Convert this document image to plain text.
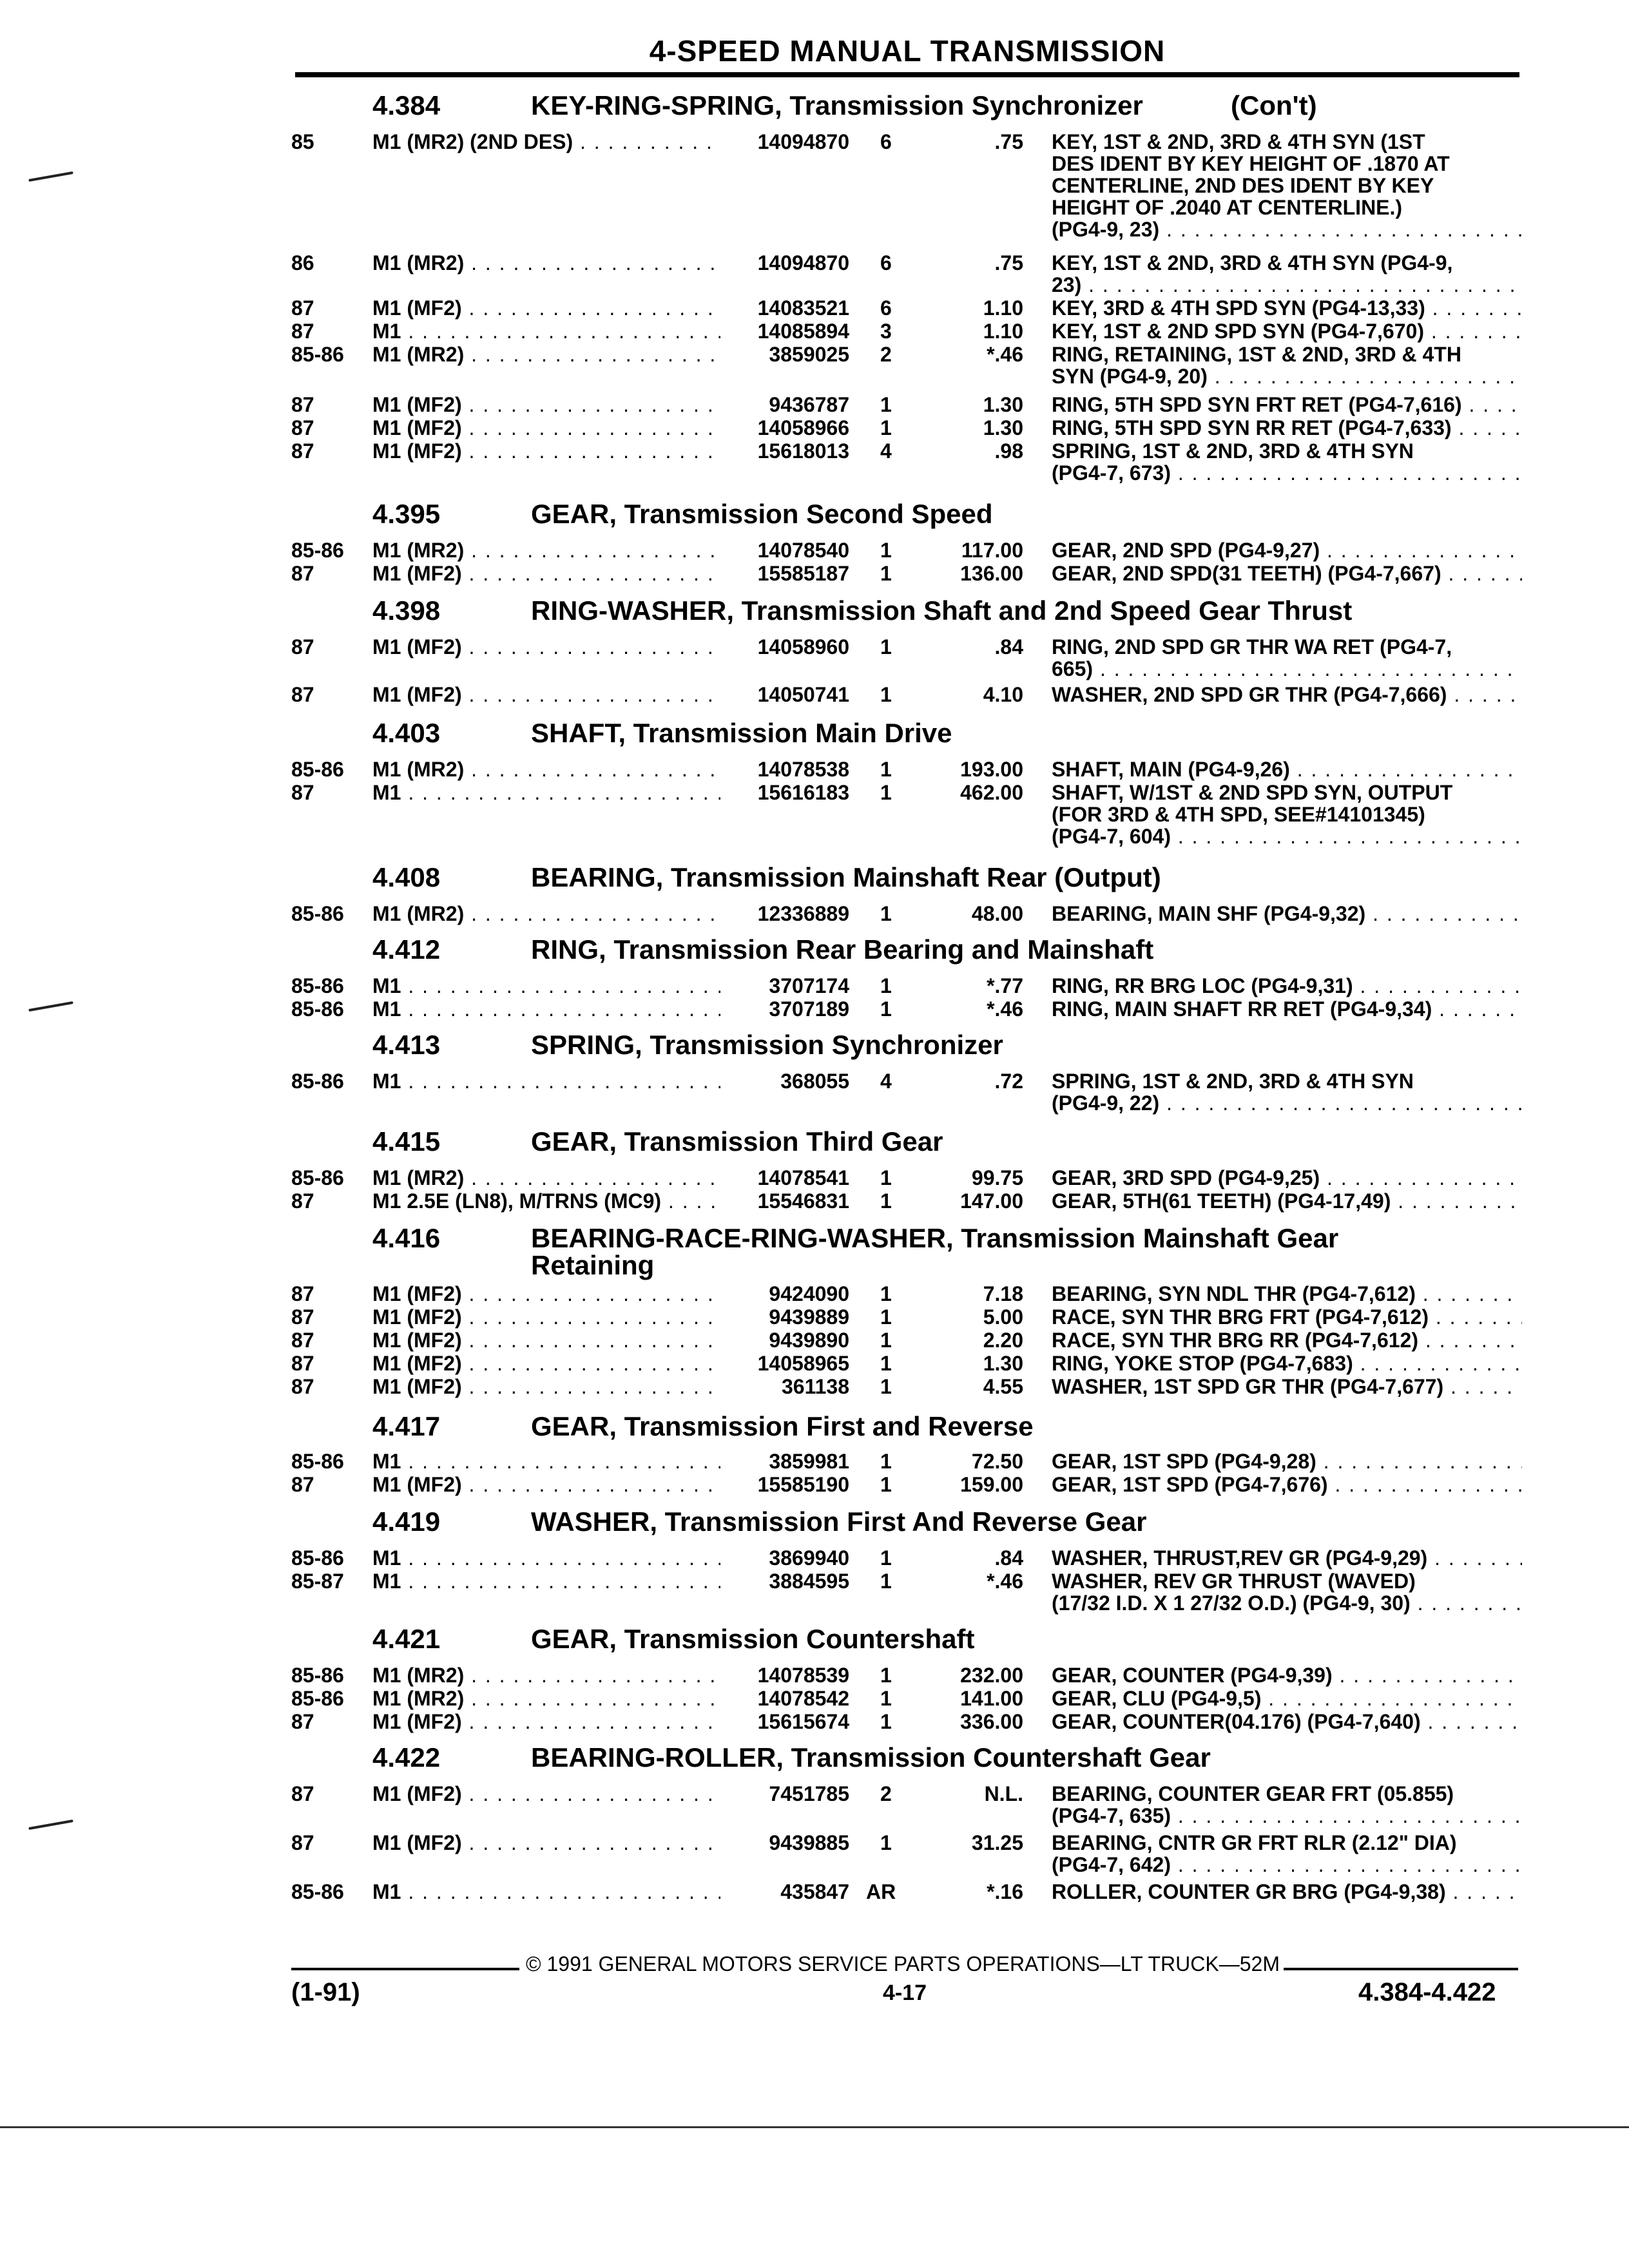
4-SPEED MANUAL TRANSMISSION
4.384	KEY-RING-SPRING, Transmission Synchronizer	(Con't)
4.395	GEAR, Transmission Second Speed
4.398	RING-WASHER, Transmission Shaft and 2nd Speed Gear Thrust
4.403	SHAFT, Transmission Main Drive
4.408	BEARING, Transmission Mainshaft Rear (Output)
4.412	RING, Transmission Rear Bearing and Mainshaft
4.413	SPRING, Transmission Synchronizer
4.415	GEAR, Transmission Third Gear
4.416	BEARING-RACE-RING-WASHER, Transmission Mainshaft Gear
Retaining
4.417	GEAR, Transmission First and Reverse
4.419	WASHER, Transmission First And Reverse Gear
4.421	GEAR, Transmission Countershaft
4.422	BEARING-ROLLER, Transmission Countershaft Gear
85	M1 (MR2) (2ND DES) . . .	14094870 6	.75 KEY, 1ST & 2ND, 3RD & 4TH SYN (1ST
DES IDENT BY KEY HEIGHT OF .1870 AT
CENTERLINE, 2ND DES IDENT BY KEY
HEIGHT OF .2040 AT CENTERLINE.)
(PG4-9, 23) . . .
86	M1 (MR2) . . .	14094870 6	.75 KEY, 1ST & 2ND, 3RD & 4TH SYN (PG4-9,
23) . . .
87	M1 (MF2) . . .	14083521 6	1.10 KEY, 3RD & 4TH SPD SYN (PG4-13,33) . . .
87	M1 . . .	14085894 3	1.10 KEY, 1ST & 2ND SPD SYN (PG4-7,670) . . .
85-86 M1 (MR2) . . .	3859025 2	*.46 RING, RETAINING, 1ST & 2ND, 3RD & 4TH
SYN (PG4-9, 20) . . .
87	M1 (MF2) . . .	9436787 1	1.30 RING, 5TH SPD SYN FRT RET (PG4-7,616) . . .
87	M1 (MF2) . . .	14058966 1	1.30 RING, 5TH SPD SYN RR RET (PG4-7,633) . . .
87	M1 (MF2) . . .	15618013 4	.98 SPRING, 1ST & 2ND, 3RD & 4TH SYN
(PG4-7, 673) . . .
85-86 M1 (MR2) . . .	14078540 1	117.00 GEAR, 2ND SPD (PG4-9,27) . . .
87	M1 (MF2) . . .	15585187 1	136.00 GEAR, 2ND SPD(31 TEETH) (PG4-7,667) . . .
87	M1 (MF2) . . .	14058960 1	.84 RING, 2ND SPD GR THR WA RET (PG4-7,
665) . . .
87	M1 (MF2) . . .	14050741 1	4.10 WASHER, 2ND SPD GR THR (PG4-7,666) . . .
85-86 M1 (MR2) . . .	14078538 1	193.00 SHAFT, MAIN (PG4-9,26) . . .
87	M1 . . .	15616183 1	462.00 SHAFT, W/1ST & 2ND SPD SYN, OUTPUT
(FOR 3RD & 4TH SPD, SEE#14101345)
(PG4-7, 604) . . .
85-86 M1 (MR2) . . .	12336889 1	48.00 BEARING, MAIN SHF (PG4-9,32) . . .
85-86 M1 . . .	3707174 1	*.77 RING, RR BRG LOC (PG4-9,31) . . .
85-86 M1 . . .	3707189 1	*.46 RING, MAIN SHAFT RR RET (PG4-9,34) . . .
85-86 M1 . . .	368055 4	.72 SPRING, 1ST & 2ND, 3RD & 4TH SYN
(PG4-9, 22) . . .
85-86 M1 (MR2) . . .	14078541 1	99.75 GEAR, 3RD SPD (PG4-9,25) . . .
87	M1 2.5E (LN8), M/TRNS (MC9) . . .	15546831 1	147.00 GEAR, 5TH(61 TEETH) (PG4-17,49) . . .
87	M1 (MF2) . . .	9424090 1	7.18 BEARING, SYN NDL THR (PG4-7,612) . . .
87	M1 (MF2) . . .	9439889 1	5.00 RACE, SYN THR BRG FRT (PG4-7,612) . . .
87	M1 (MF2) . . .	9439890 1	2.20 RACE, SYN THR BRG RR (PG4-7,612) . . .
87	M1 (MF2) . . .	14058965 1	1.30 RING, YOKE STOP (PG4-7,683) . . .
87	M1 (MF2) . . .	361138 1	4.55 WASHER, 1ST SPD GR THR (PG4-7,677) . . .
85-86 M1 . . .	3859981 1	72.50 GEAR, 1ST SPD (PG4-9,28) . . .
87	M1 (MF2) . . .	15585190 1	159.00 GEAR, 1ST SPD (PG4-7,676) . . .
85-86 M1 . . .	3869940 1	.84 WASHER, THRUST,REV GR (PG4-9,29) . . .
85-87 M1 . . .	3884595 1	*.46 WASHER, REV GR THRUST (WAVED)
(17/32 I.D. X 1 27/32 O.D.) (PG4-9, 30) . . .
85-86 M1 (MR2) . . .	14078539 1	232.00 GEAR, COUNTER (PG4-9,39) . . .
85-86 M1 (MR2) . . .	14078542 1	141.00 GEAR, CLU (PG4-9,5) . . .
87	M1 (MF2) . . .	15615674 1	336.00 GEAR, COUNTER(04.176) (PG4-7,640) . . .
87	M1 (MF2) . . .	7451785 2	N.L. BEARING, COUNTER GEAR FRT (05.855)
(PG4-7, 635) . . .
87	M1 (MF2) . . .	9439885 1	31.25 BEARING, CNTR GR FRT RLR (2.12" DIA)
(PG4-7, 642) . . .
85-86 M1 . . .	435847 AR	*.16 ROLLER, COUNTER GR BRG (PG4-9,38) . . .
© 1991 GENERAL MOTORS SERVICE PARTS OPERATIONS—LT TRUCK—52M
(1-91)	4-17	4.384-4.422
